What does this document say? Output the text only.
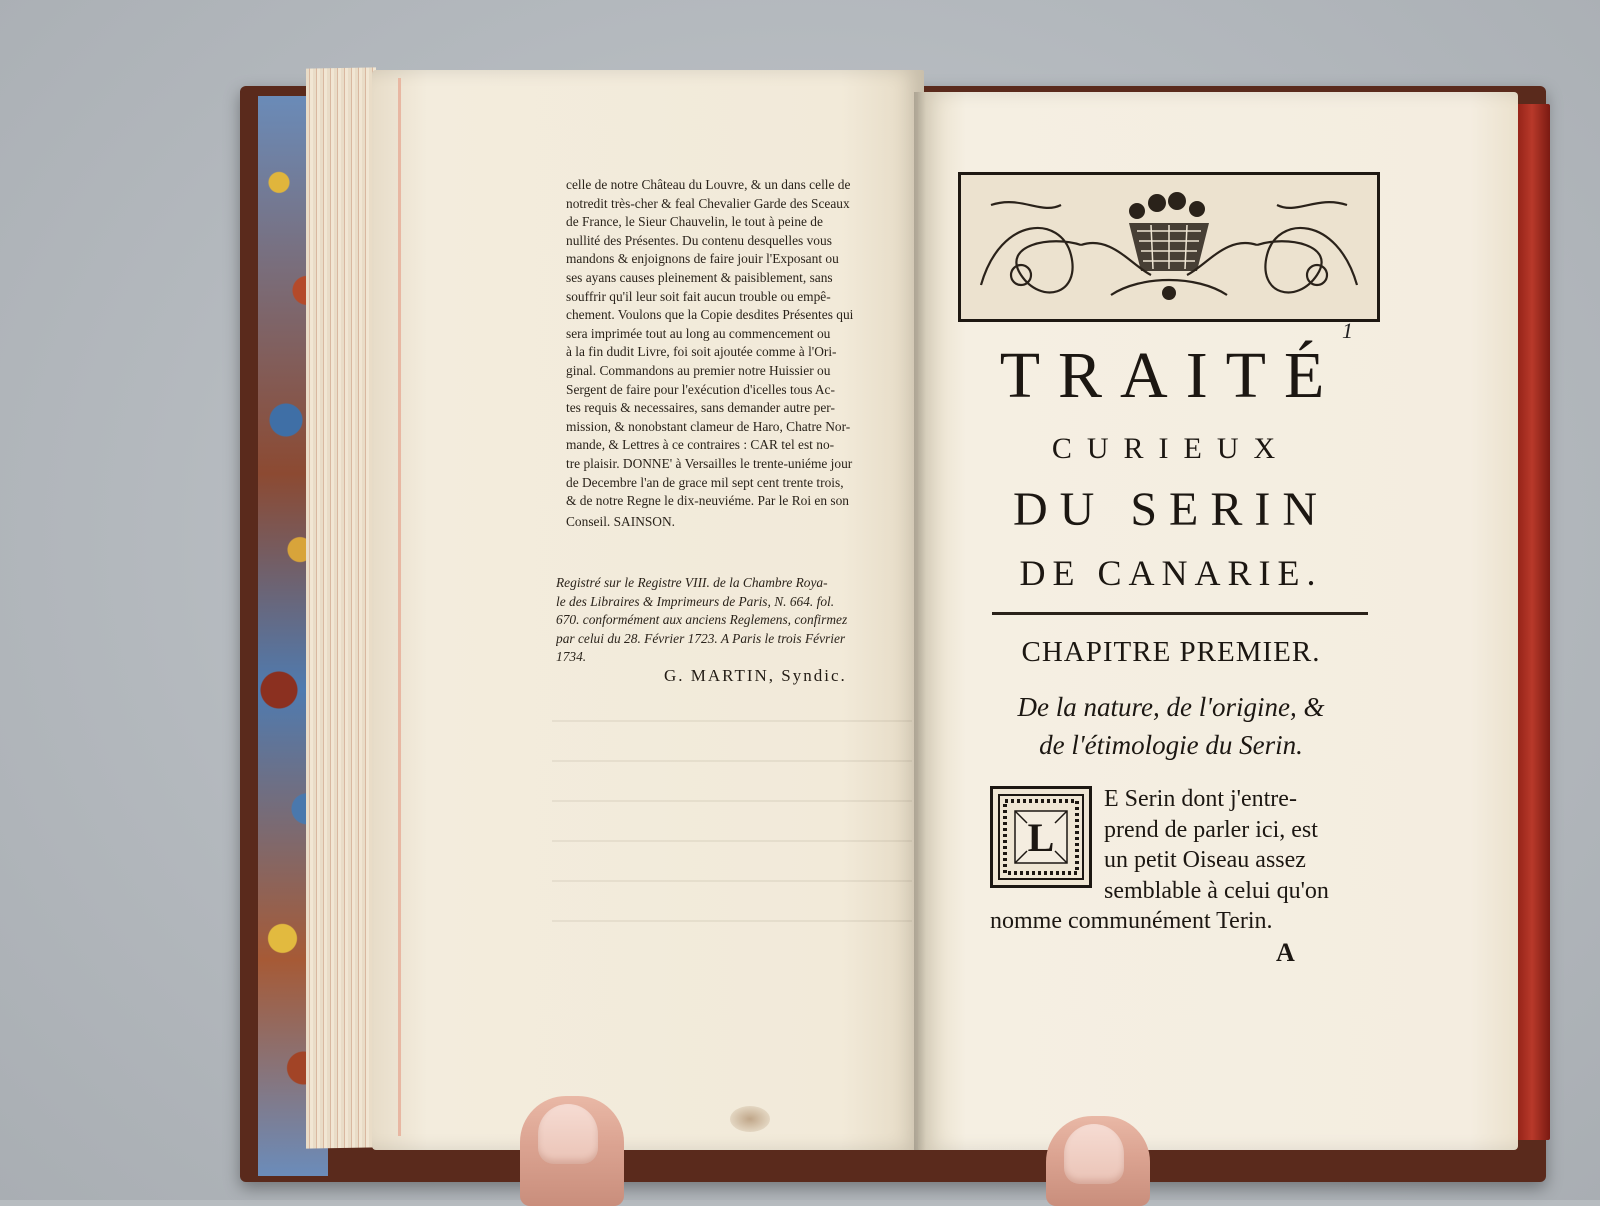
celle de notre Château du Louvre, & un dans celle de
notredit très-cher & feal Chevalier Garde des Sceaux
de France, le Sieur Chauvelin, le tout à peine de
nullité des Présentes. Du contenu desquelles vous
mandons & enjoignons de faire jouir l'Exposant ou
ses ayans causes pleinement & paisiblement, sans
souffrir qu'il leur soit fait aucun trouble ou empê-
chement. Voulons que la Copie desdites Présentes qui
sera imprimée tout au long au commencement ou
à la fin dudit Livre, foi soit ajoutée comme à l'Ori-
ginal. Commandons au premier notre Huissier ou
Sergent de faire pour l'exécution d'icelles tous Ac-
tes requis & necessaires, sans demander autre per-
mission, & nonobstant clameur de Haro, Chatre Nor-
mande, & Lettres à ce contraires : CAR tel est no-
tre plaisir. DONNE' à Versailles le trente-uniéme jour
de Decembre l'an de grace mil sept cent trente trois,
& de notre Regne le dix-neuviéme. Par le Roi en son
Conseil. SAINSON.
Registré sur le Registre VIII. de la Chambre Roya-
le des Libraires & Imprimeurs de Paris, N. 664. fol.
670. conformément aux anciens Reglemens, confirmez
par celui du 28. Février 1723. A Paris le trois Février
1734.
G. MARTIN, Syndic.
1
TRAITÉ
CURIEUX
DU SERIN
DE CANARIE.
CHAPITRE PREMIER.
De la nature, de l'origine, &
de l'étimologie du Serin.
L
E Serin dont j'entre-
prend de parler ici, est
un petit Oiseau assez
semblable à celui qu'on
nomme communément Terin.
A
